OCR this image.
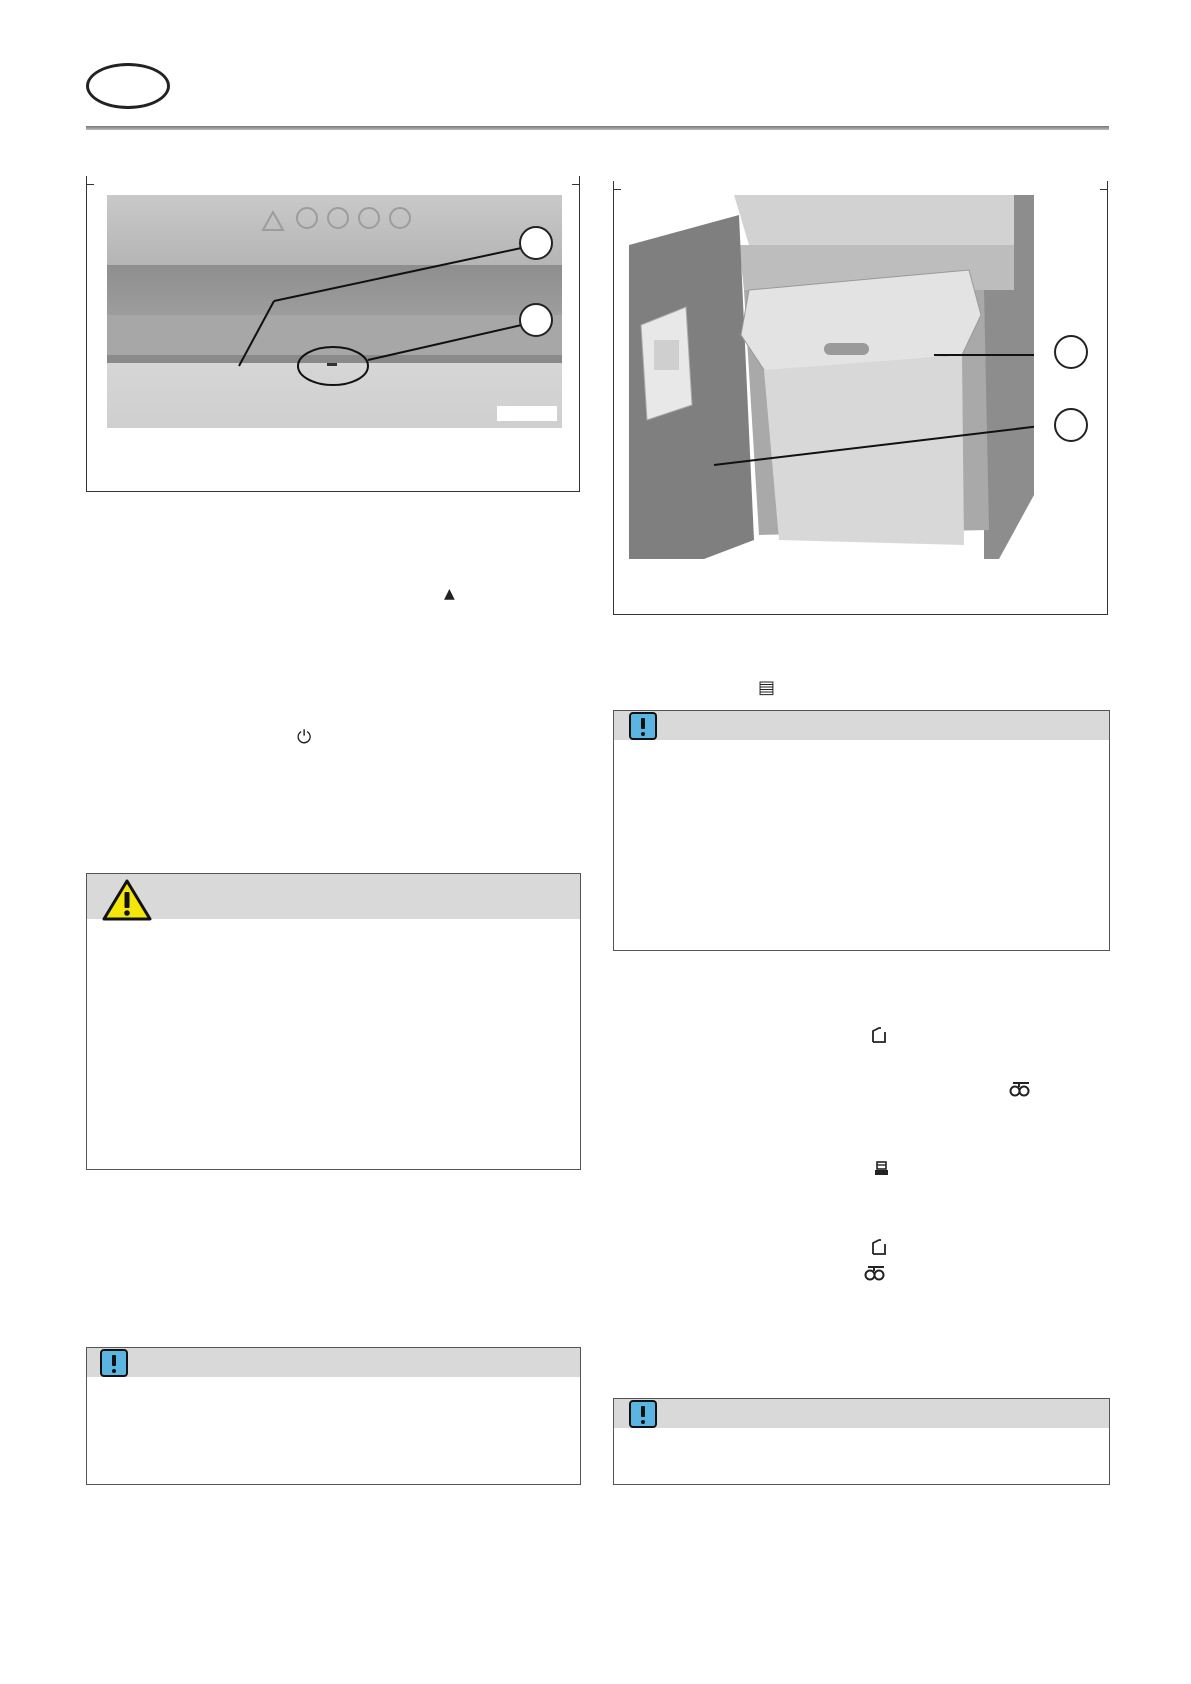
▲
⏻
▤
